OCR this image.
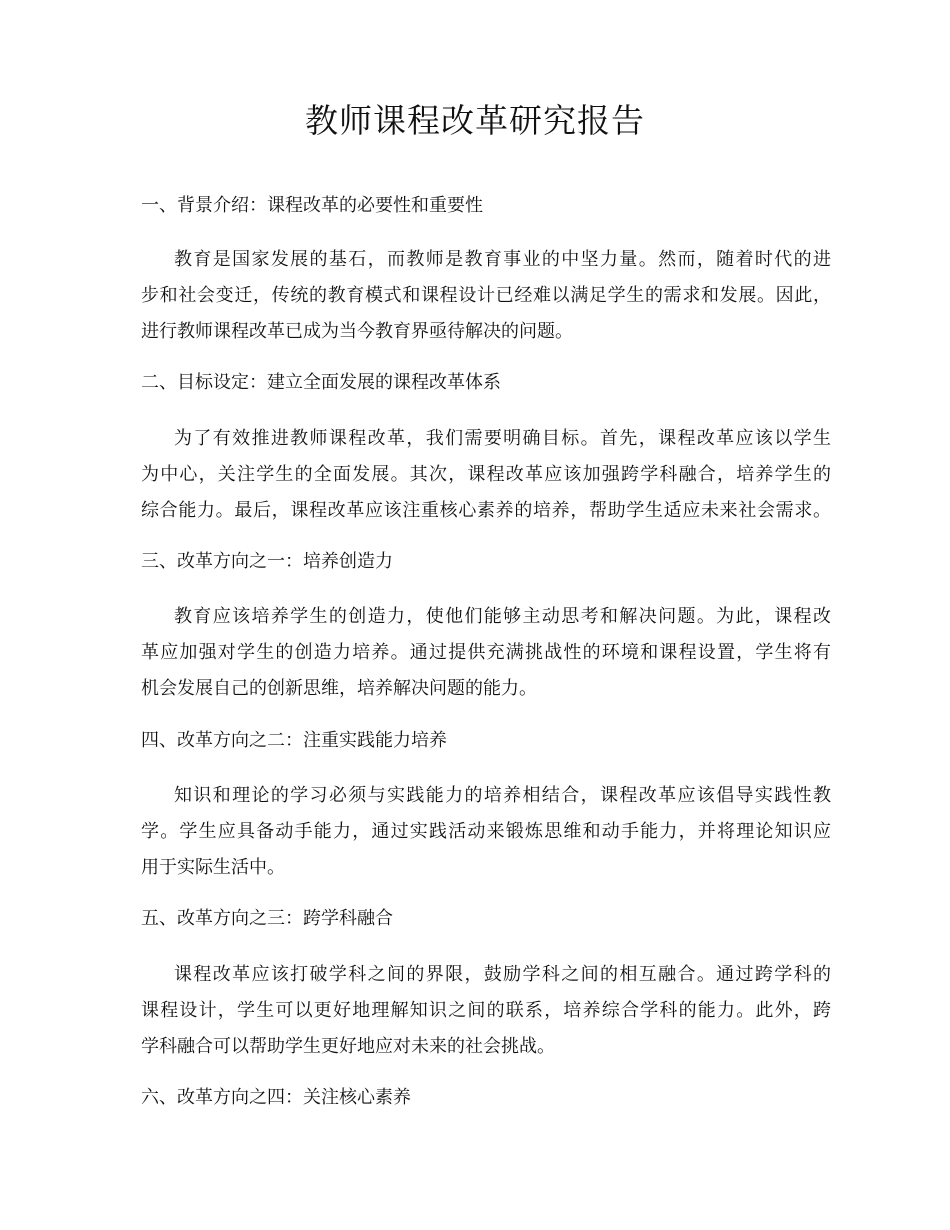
教师课程改革研究报告
一、背景介绍：课程改革的必要性和重要性
教育是国家发展的基石，而教师是教育事业的中坚力量。然而，随着时代的进
步和社会变迁，传统的教育模式和课程设计已经难以满足学生的需求和发展。因此，
进行教师课程改革已成为当今教育界亟待解决的问题。
二、目标设定：建立全面发展的课程改革体系
为了有效推进教师课程改革，我们需要明确目标。首先，课程改革应该以学生
为中心，关注学生的全面发展。其次，课程改革应该加强跨学科融合，培养学生的
综合能力。最后，课程改革应该注重核心素养的培养，帮助学生适应未来社会需求。
三、改革方向之一：培养创造力
教育应该培养学生的创造力，使他们能够主动思考和解决问题。为此，课程改
革应加强对学生的创造力培养。通过提供充满挑战性的环境和课程设置，学生将有
机会发展自己的创新思维，培养解决问题的能力。
四、改革方向之二：注重实践能力培养
知识和理论的学习必须与实践能力的培养相结合，课程改革应该倡导实践性教
学。学生应具备动手能力，通过实践活动来锻炼思维和动手能力，并将理论知识应
用于实际生活中。
五、改革方向之三：跨学科融合
课程改革应该打破学科之间的界限，鼓励学科之间的相互融合。通过跨学科的
课程设计，学生可以更好地理解知识之间的联系，培养综合学科的能力。此外，跨
学科融合可以帮助学生更好地应对未来的社会挑战。
六、改革方向之四：关注核心素养
